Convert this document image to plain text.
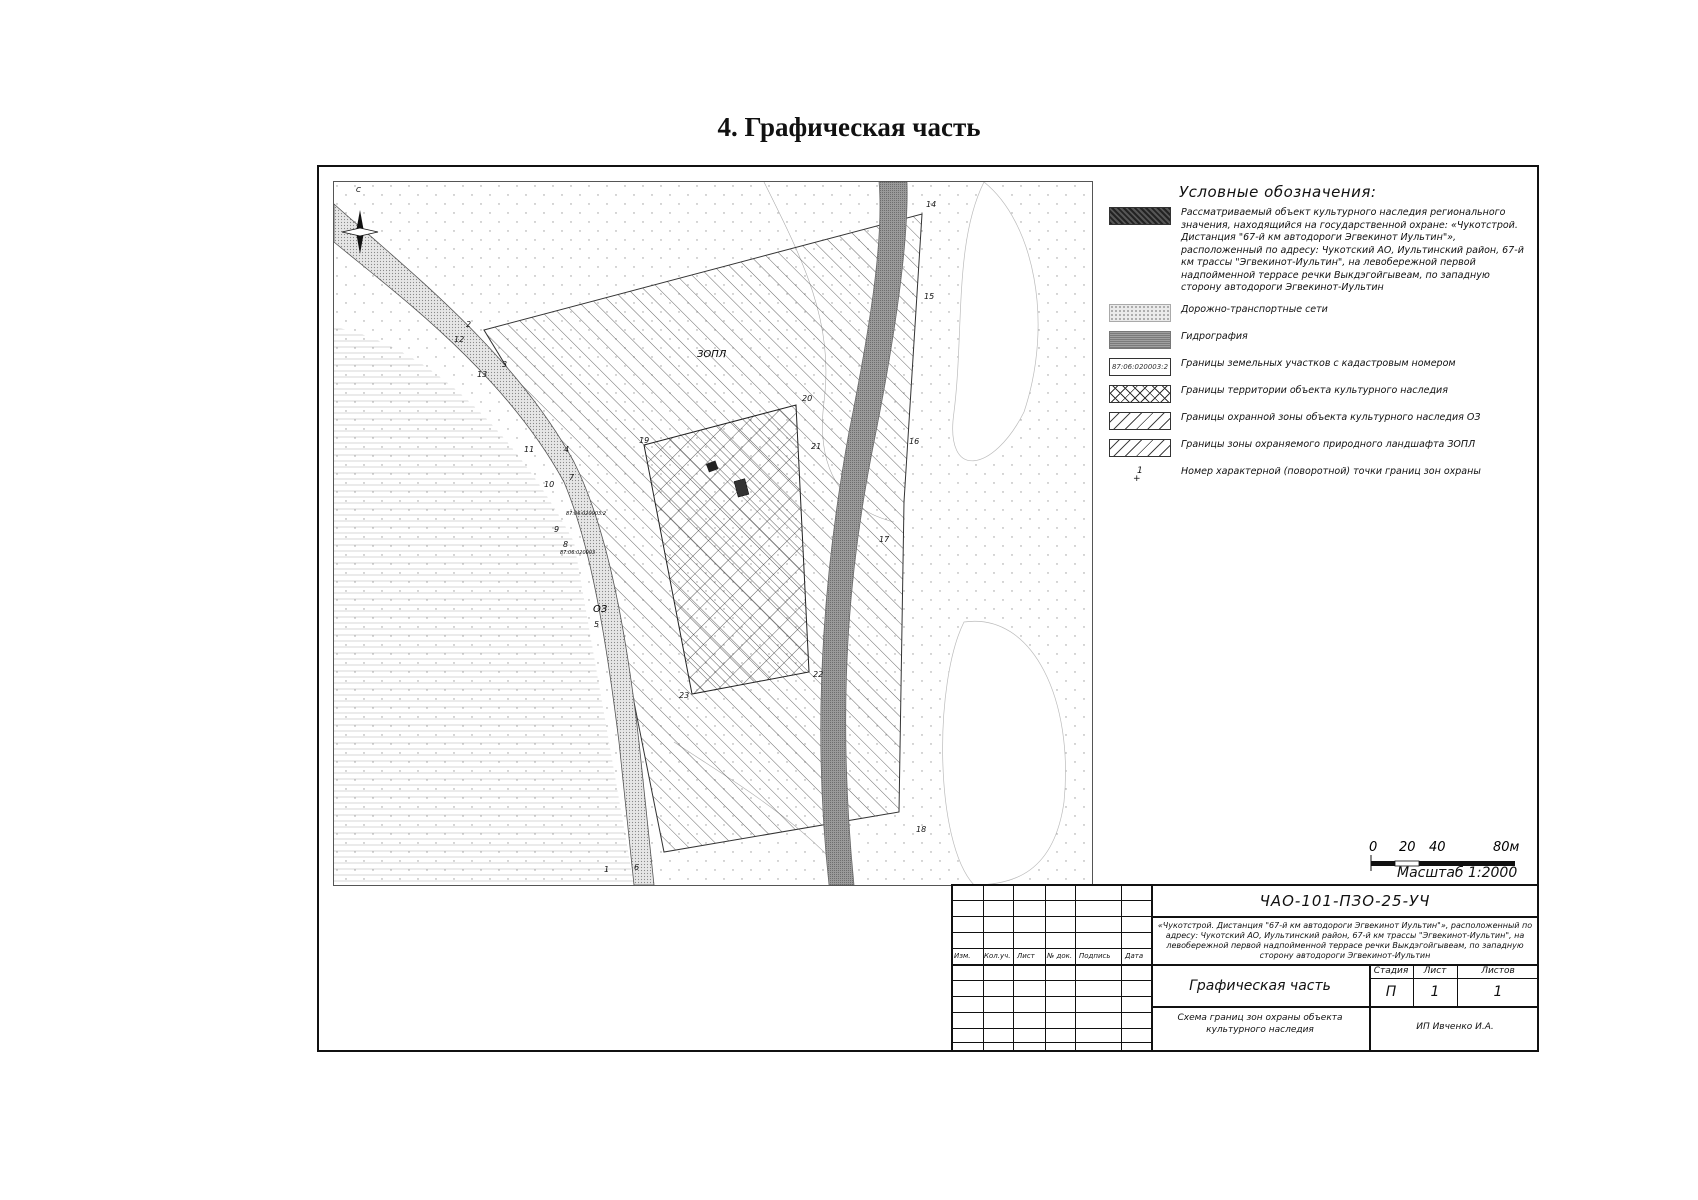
4. Графическая часть
С
ЗОПЛ
ОЗ
87:06:020003:2
87:06:020003
1
2
3
4
5
6
7
8
9
10
11
12
13
14
15
16
17
18
19
20
21
22
23
Условные обозначения:
Рассматриваемый объект культурного наследия регионального значения, находящийся на государственной охране: «Чукотстрой. Дистанция "67-й км автодороги Эгвекинот Иультин"», расположенный по адресу: Чукотский АО, Иультинский район, 67-й км трассы "Эгвекинот-Иультин", на левобережной первой надпойменной террасе речки Выкдэгойгывеам, по западную сторону автодороги Эгвекинот-Иультин
Дорожно-транспортные сети
Гидрография
87:06:020003:2 Границы земельных участков с кадастровым номером
Границы территории объекта культурного наследия
Границы охранной зоны объекта культурного наследия ОЗ
Границы зоны охраняемого природного ландшафта ЗОПЛ
1
+
Номер характерной (поворотной) точки границ зон охраны
0 20 40	80м
Масштаб 1:2000
ЧАО-101-ПЗО-25-УЧ
«Чукотстрой. Дистанция "67-й км автодороги Эгвекинот Иультин"», расположенный по адресу: Чукотский АО, Иультинский район, 67-й км трассы "Эгвекинот-Иультин", на левобережной первой надпойменной террасе речки Выкдэгойгывеам, по западную сторону автодороги Эгвекинот-Иультин
Изм. Кол.уч. Лист № док. Подпись Дата
Графическая часть
Схема границ зон охраны объекта культурного наследия
Стадия	Лист	Листов
П	1	1
ИП Ивченко И.А.
